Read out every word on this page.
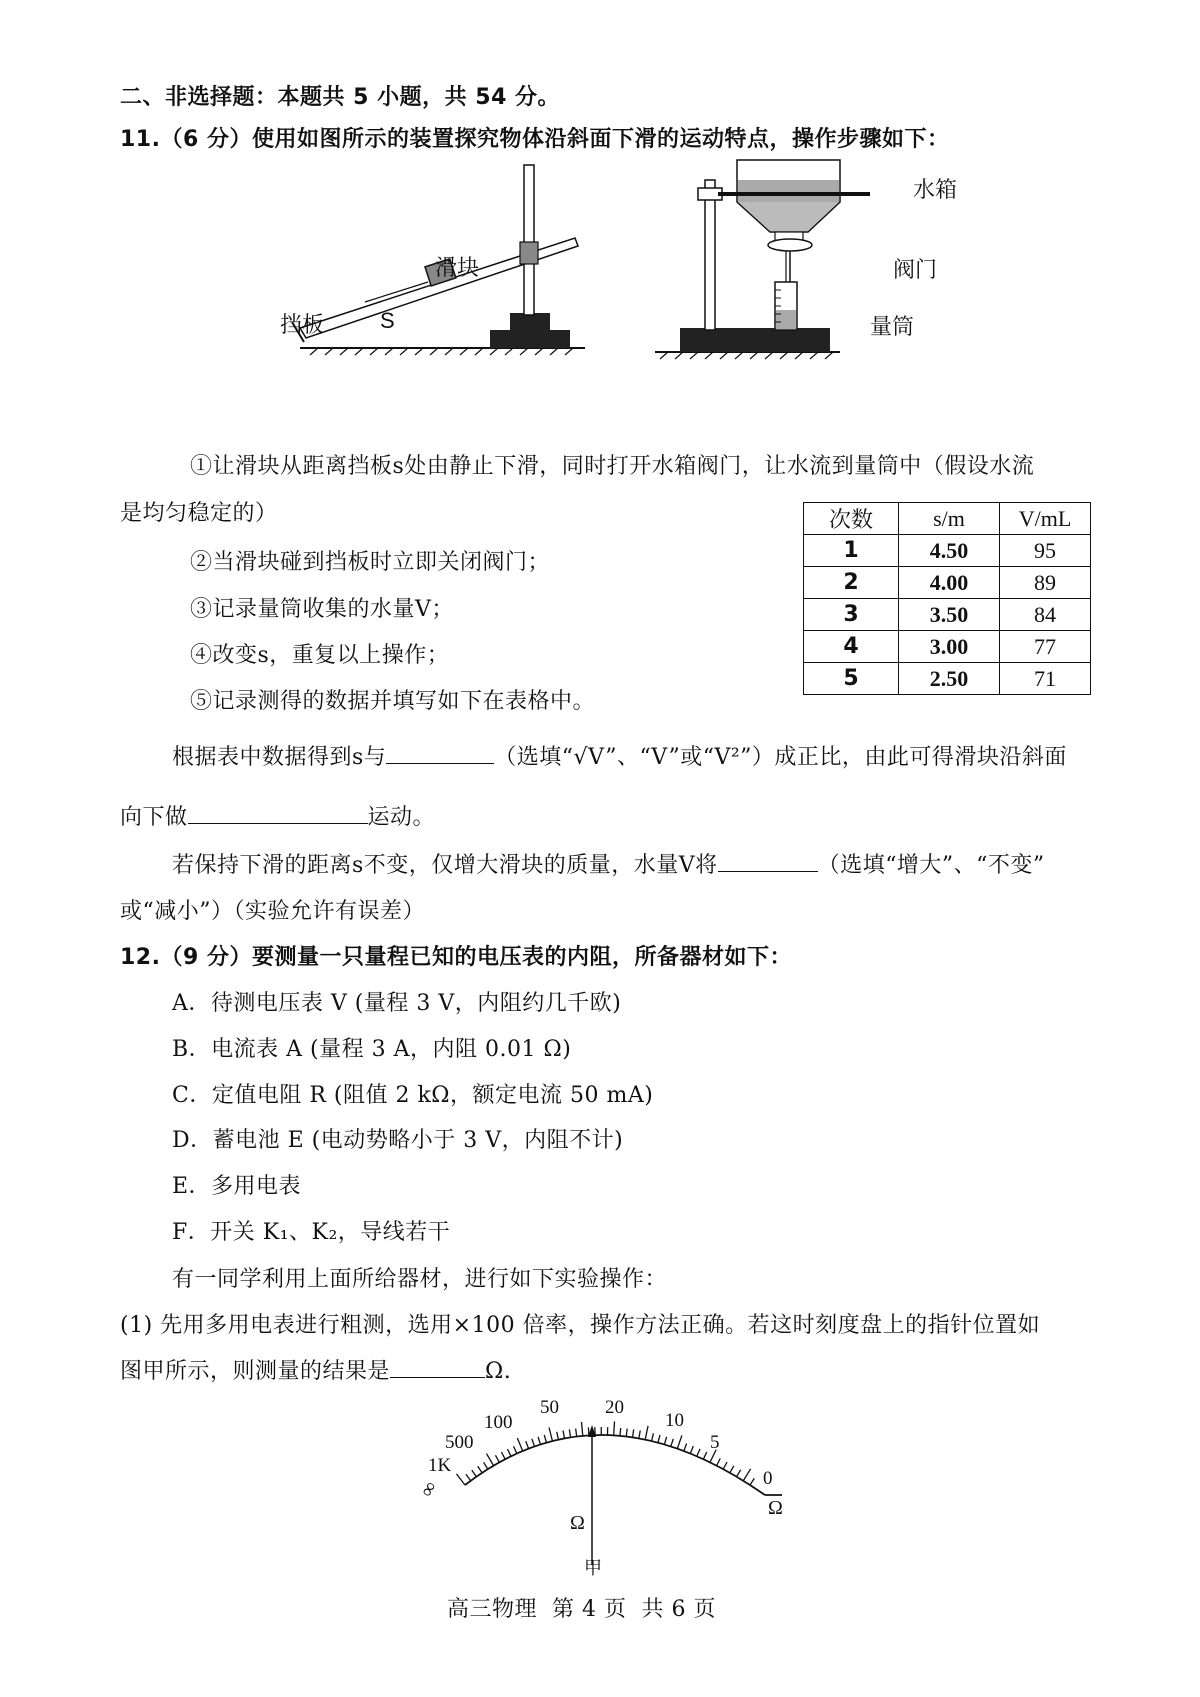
二、非选择题：本题共 5 小题，共 54 分。
11.（6 分）使用如图所示的装置探究物体沿斜面下滑的运动特点，操作步骤如下：
滑块
挡板	S
水箱
阀门
量筒
①让滑块从距离挡板s处由静止下滑，同时打开水箱阀门，让水流到量筒中（假设水流
是均匀稳定的）
②当滑块碰到挡板时立即关闭阀门；
③记录量筒收集的水量V；
④改变s，重复以上操作；
⑤记录测得的数据并填写如下在表格中。
次数	s/m	V/mL
1	4.50	95
2	4.00	89
3	3.50	84
4	3.00	77
5	2.50	71
根据表中数据得到s与	（选填“√V”、“V”或“V²”）成正比，由此可得滑块沿斜面
向下做	运动。
若保持下滑的距离s不变，仅增大滑块的质量，水量V将	（选填“增大”、“不变”
或“减小”）（实验允许有误差）
12.（9 分）要测量一只量程已知的电压表的内阻，所备器材如下：
A．待测电压表 V (量程 3 V，内阻约几千欧)
B．电流表 A (量程 3 A，内阻 0.01 Ω)
C．定值电阻 R (阻值 2 kΩ，额定电流 50 mA)
D．蓄电池 E (电动势略小于 3 V，内阻不计)
E．多用电表
F．开关 K₁、K₂，导线若干
有一同学利用上面所给器材，进行如下实验操作：
(1) 先用多用电表进行粗测，选用×100 倍率，操作方法正确。若这时刻度盘上的指针位置如
图甲所示，则测量的结果是	Ω.
∞
1K
500
100
50 20
10
5
0
Ω
Ω
甲
高三物理  第 4 页  共 6 页
